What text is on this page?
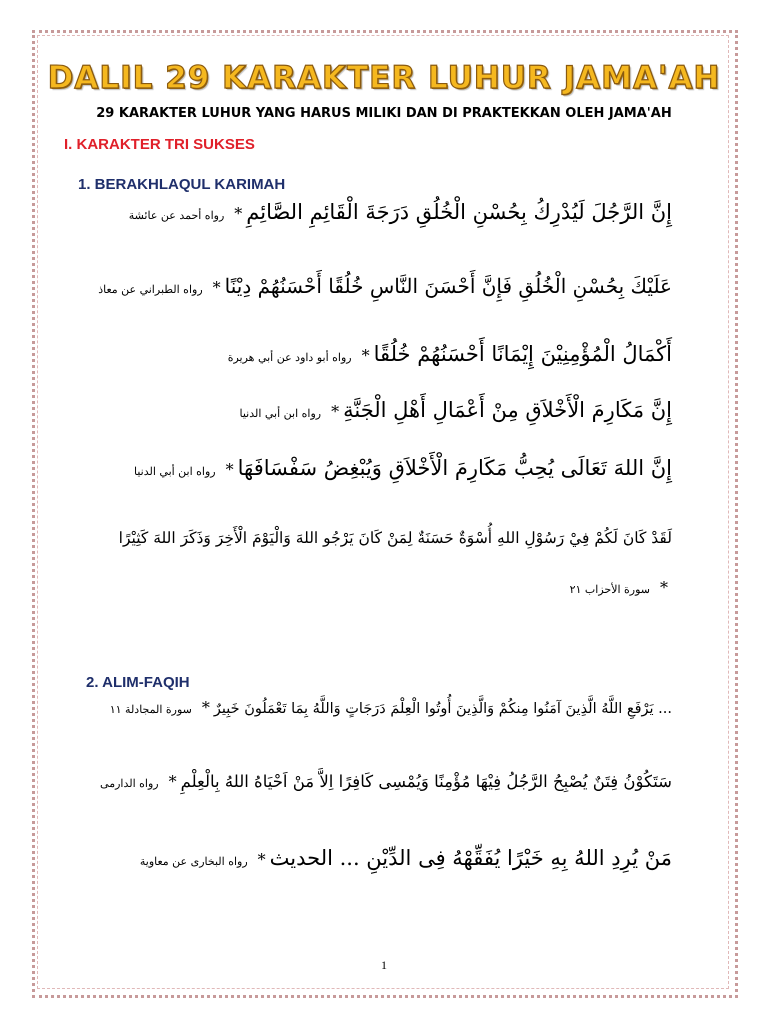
DALIL 29 KARAKTER LUHUR JAMA'AH
29 KARAKTER LUHUR YANG HARUS MILIKI DAN DI PRAKTEKKAN OLEH JAMA'AH
I. KARAKTER TRI SUKSES
1. BERAKHLAQUL KARIMAH
إِنَّ الرَّجُلَ لَيُدْرِكُ بِحُسْنِ الْخُلُقِ دَرَجَةَ الْقَائِمِ الصَّائِمِ*رواه أحمد عن عائشة
عَلَيْكَ بِحُسْنِ الْخُلُقِ فَإِنَّ أَحْسَنَ النَّاسِ خُلُقًا أَحْسَنُهُمْ دِيْنًا*رواه الطبراني عن معاذ
أَكْمَالُ الْمُؤْمِنِيْنَ إِيْمَانًا أَحْسَنُهُمْ خُلُقًا*رواه أبو داود عن أبي هريرة
إِنَّ مَكَارِمَ الْأَخْلاَقِ مِنْ أَعْمَالِ أَهْلِ الْجَنَّةِ*رواه ابن أبي الدنيا
إِنَّ اللهَ تَعَالَى يُحِبُّ مَكَارِمَ الْأَخْلاَقِ وَيُبْغِضُ سَفْسَافَهَا*رواه ابن أبي الدنيا
لَقَدْ كَانَ لَكُمْ فِيْ رَسُوْلِ اللهِ أُسْوَةٌ حَسَنَةٌ لِمَنْ كَانَ يَرْجُو اللهَ وَالْيَوْمَ الْأَخِرَ وَذَكَرَ اللهَ كَثِيْرًا
*سورة الأحزاب ٢١
2. ALIM-FAQIH
... يَرْفَعِ اللَّهُ الَّذِينَ آمَنُوا مِنكُمْ وَالَّذِينَ أُوتُوا الْعِلْمَ دَرَجَاتٍ وَاللَّهُ بِمَا تَعْمَلُونَ خَبِيرٌ*سورة المجادلة ١١
سَتَكُوْنُ فِتَنٌ يُصْبِحُ الرَّجُلُ فِيْهَا مُؤْمِنًا وَيُمْسِى كَافِرًا اِلاَّ مَنْ اَحْيَاهُ اللهُ بِالْعِلْمِ*رواه الدارمى
مَنْ يُرِدِ اللهُ بِهِ خَيْرًا يُفَقِّهْهُ فِى الدِّيْنِ ... الحديث*رواه البخارى عن معاوية
1
